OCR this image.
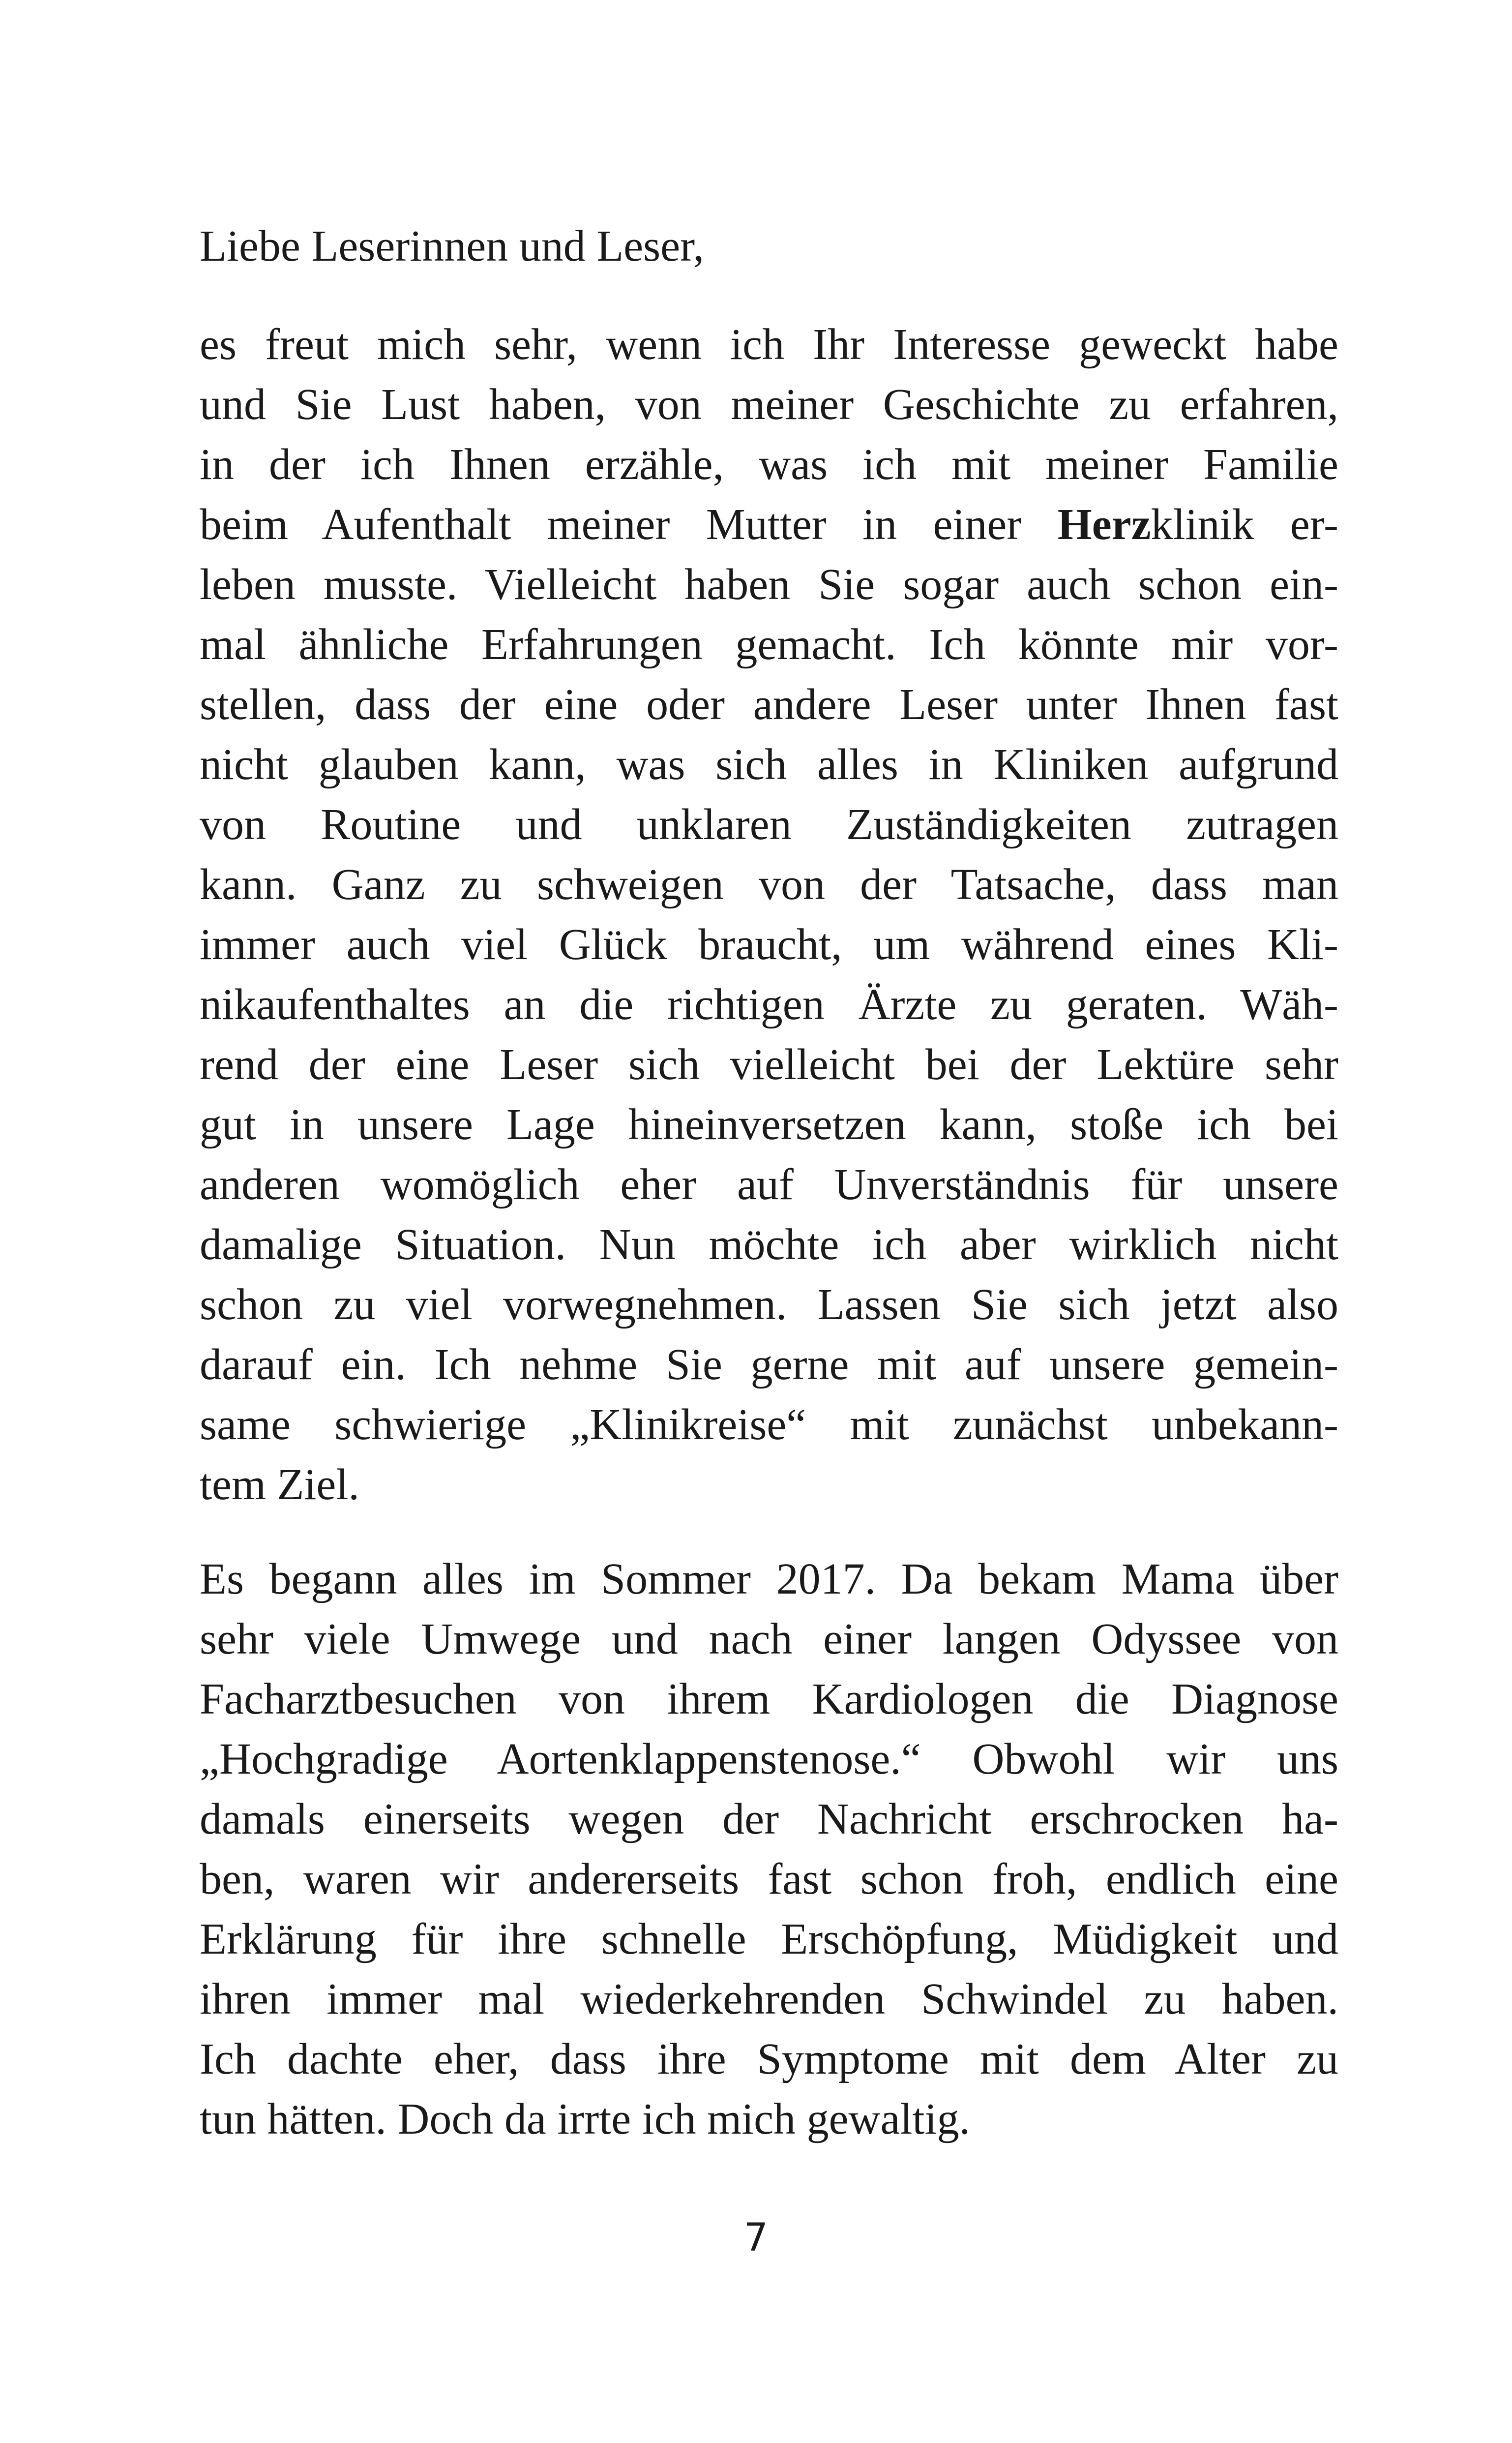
Liebe Leserinnen und Leser,
es freut mich sehr, wenn ich Ihr Interesse geweckt habe
und Sie Lust haben, von meiner Geschichte zu erfahren,
in der ich Ihnen erzähle, was ich mit meiner Familie
beim Aufenthalt meiner Mutter in einer Herzklinik er-
leben musste. Vielleicht haben Sie sogar auch schon ein-
mal ähnliche Erfahrungen gemacht. Ich könnte mir vor-
stellen, dass der eine oder andere Leser unter Ihnen fast
nicht glauben kann, was sich alles in Kliniken aufgrund
von Routine und unklaren Zuständigkeiten zutragen
kann. Ganz zu schweigen von der Tatsache, dass man
immer auch viel Glück braucht, um während eines Kli-
nikaufenthaltes an die richtigen Ärzte zu geraten. Wäh-
rend der eine Leser sich vielleicht bei der Lektüre sehr
gut in unsere Lage hineinversetzen kann, stoße ich bei
anderen womöglich eher auf Unverständnis für unsere
damalige Situation. Nun möchte ich aber wirklich nicht
schon zu viel vorwegnehmen. Lassen Sie sich jetzt also
darauf ein. Ich nehme Sie gerne mit auf unsere gemein-
same schwierige „Klinikreise“ mit zunächst unbekann-
tem Ziel.
Es begann alles im Sommer 2017. Da bekam Mama über
sehr viele Umwege und nach einer langen Odyssee von
Facharztbesuchen von ihrem Kardiologen die Diagnose
„Hochgradige Aortenklappenstenose.“ Obwohl wir uns
damals einerseits wegen der Nachricht erschrocken ha-
ben, waren wir andererseits fast schon froh, endlich eine
Erklärung für ihre schnelle Erschöpfung, Müdigkeit und
ihren immer mal wiederkehrenden Schwindel zu haben.
Ich dachte eher, dass ihre Symptome mit dem Alter zu
tun hätten. Doch da irrte ich mich gewaltig.
7
